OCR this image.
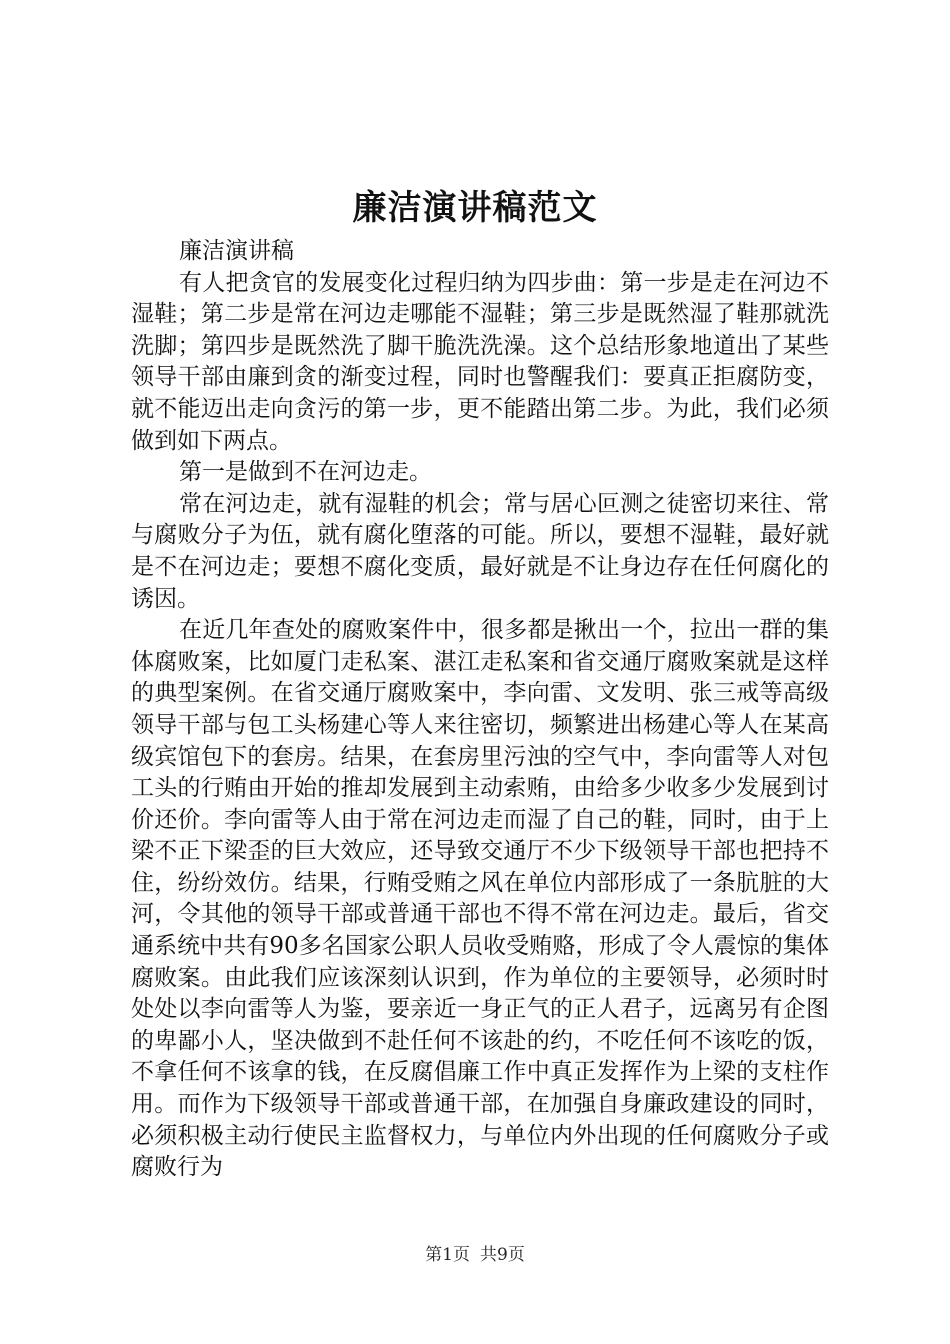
廉洁演讲稿范文

廉洁演讲稿

有人把贪官的发展变化过程归纳为四步曲：第一步是走在河边不湿鞋；第二步是常在河边走哪能不湿鞋；第三步是既然湿了鞋那就洗洗脚；第四步是既然洗了脚干脆洗洗澡。这个总结形象地道出了某些领导干部由廉到贪的渐变过程，同时也警醒我们：要真正拒腐防变，就不能迈出走向贪污的第一步，更不能踏出第二步。为此，我们必须做到如下两点。

第一是做到不在河边走。

常在河边走，就有湿鞋的机会；常与居心叵测之徒密切来往、常与腐败分子为伍，就有腐化堕落的可能。所以，要想不湿鞋，最好就是不在河边走；要想不腐化变质，最好就是不让身边存在任何腐化的诱因。

在近几年查处的腐败案件中，很多都是揪出一个，拉出一群的集体腐败案，比如厦门走私案、湛江走私案和省交通厅腐败案就是这样的典型案例。在省交通厅腐败案中，李向雷、文发明、张三戒等高级领导干部与包工头杨建心等人来往密切，频繁进出杨建心等人在某高级宾馆包下的套房。结果，在套房里污浊的空气中，李向雷等人对包工头的行贿由开始的推却发展到主动索贿，由给多少收多少发展到讨价还价。李向雷等人由于常在河边走而湿了自己的鞋，同时，由于上梁不正下梁歪的巨大效应，还导致交通厅不少下级领导干部也把持不住，纷纷效仿。结果，行贿受贿之风在单位内部形成了一条肮脏的大河，令其他的领导干部或普通干部也不得不常在河边走。最后，省交通系统中共有90多名国家公职人员收受贿赂，形成了令人震惊的集体腐败案。由此我们应该深刻认识到，作为单位的主要领导，必须时时处处以李向雷等人为鉴，要亲近一身正气的正人君子，远离另有企图的卑鄙小人，坚决做到不赴任何不该赴的约，不吃任何不该吃的饭，不拿任何不该拿的钱，在反腐倡廉工作中真正发挥作为上梁的支柱作用。而作为下级领导干部或普通干部，在加强自身廉政建设的同时，必须积极主动行使民主监督权力，与单位内外出现的任何腐败分子或腐败行为

第1页 共9页
